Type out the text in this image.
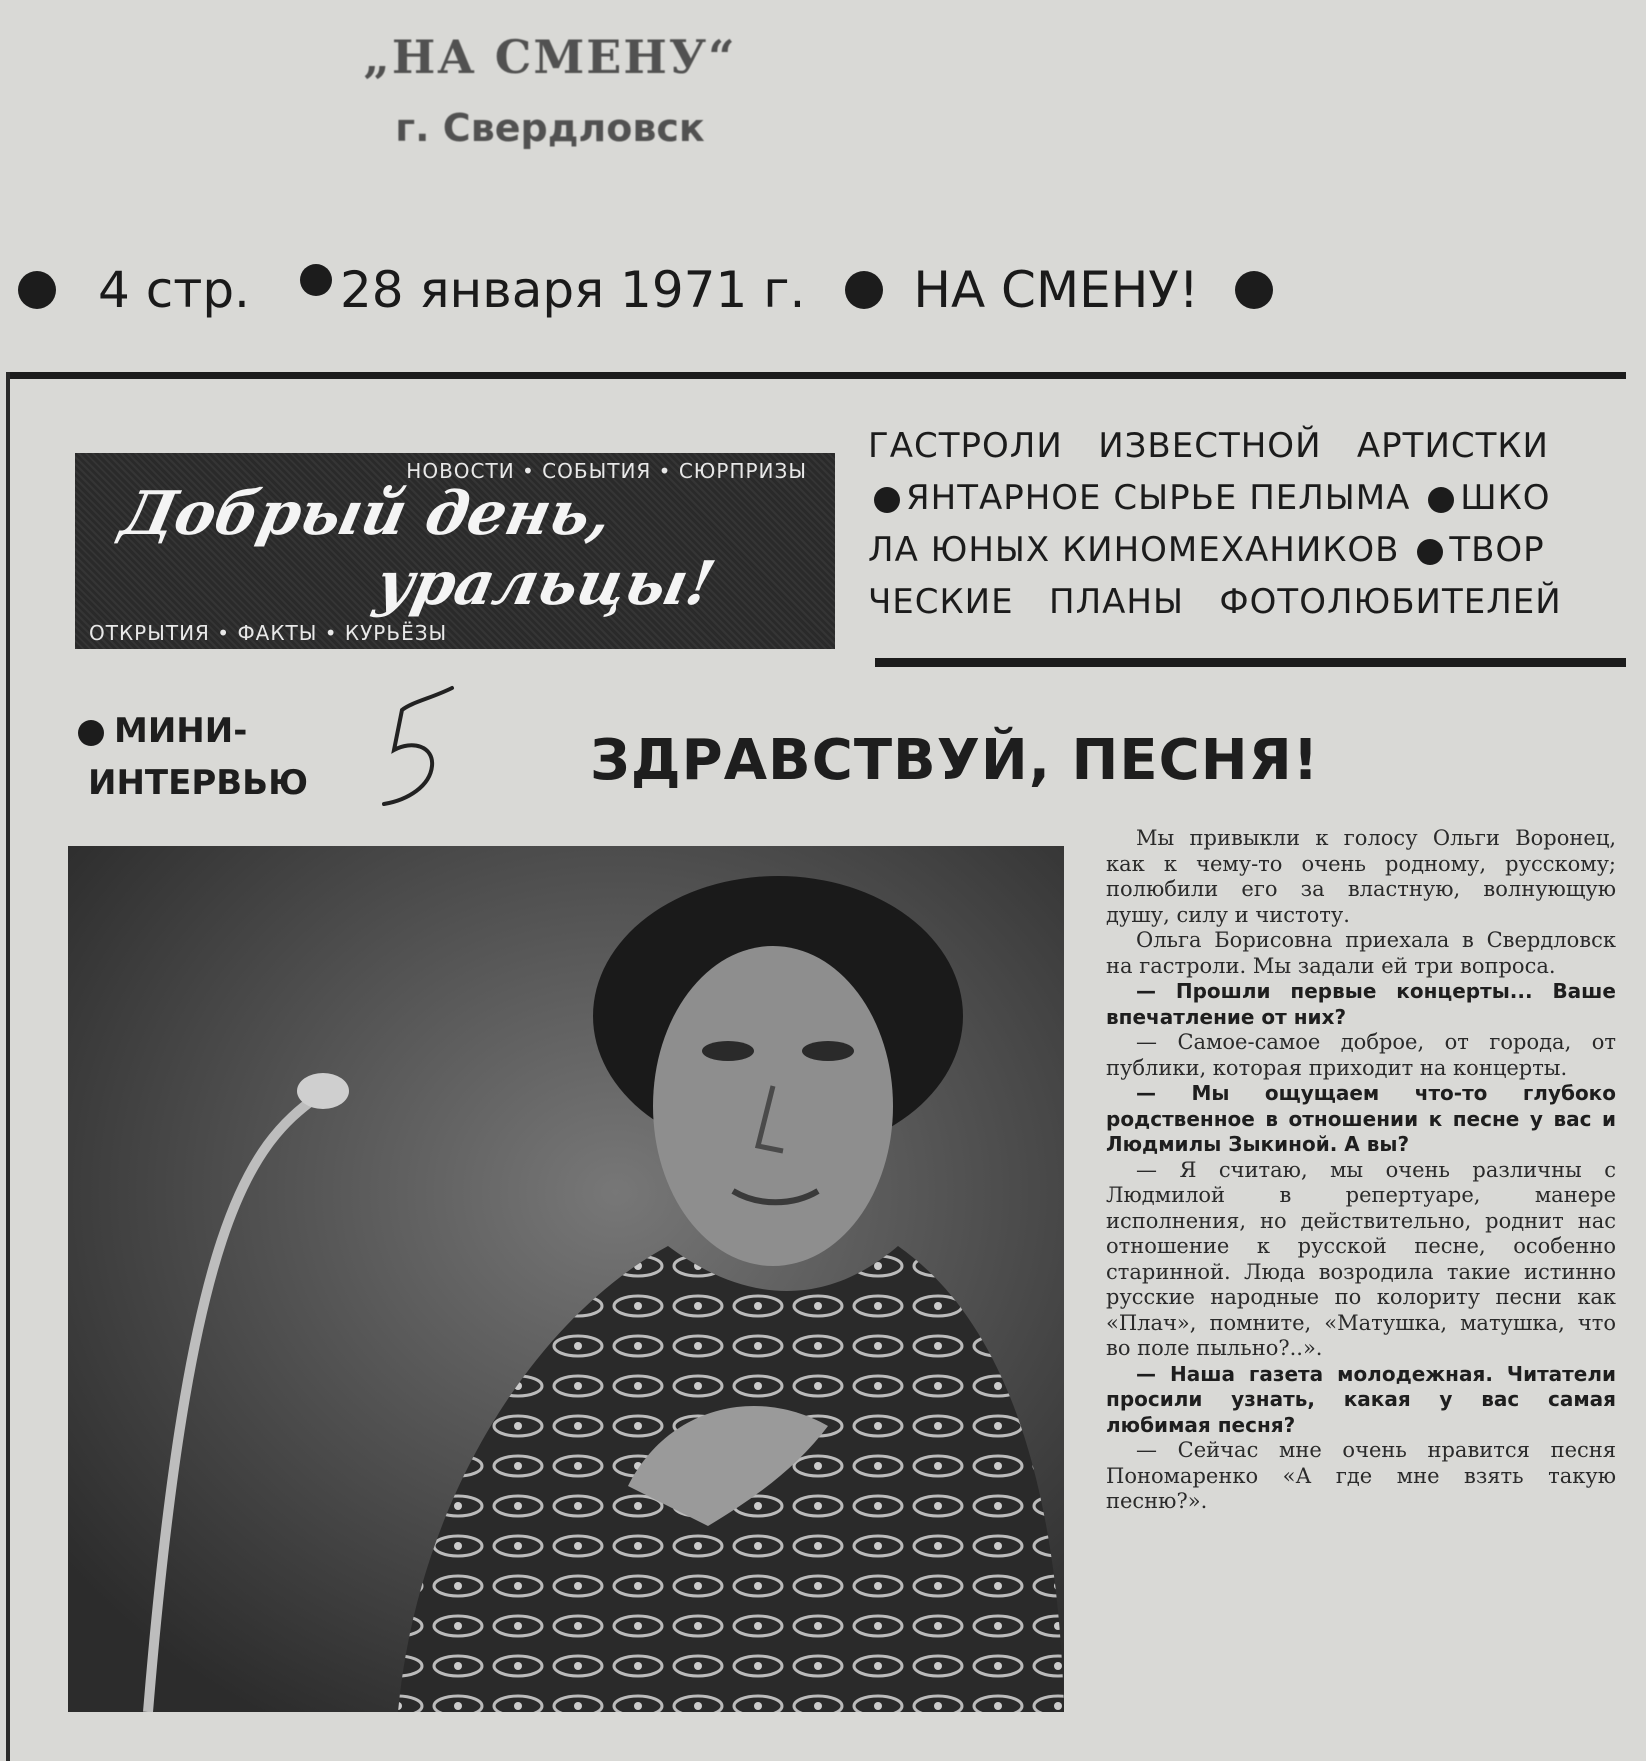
„НА СМЕНУ“
г. Свердловск
4 стр. 28 января 1971 г. НА СМЕНУ!
НОВОСТИ • СОБЫТИЯ • СЮРПРИЗЫ
Добрый день,
уральцы!
ОТКРЫТИЯ • ФАКТЫ • КУРЬЁЗЫ
ГАСТРОЛИ   ИЗВЕСТНОЙ   АРТИСТКИ
ЯНТАРНОЕ СЫРЬЕ ПЕЛЫМА ШКО
ЛА ЮНЫХ КИНОМЕХАНИКОВ ТВОР
ЧЕСКИЕ   ПЛАНЫ   ФОТОЛЮБИТЕЛЕЙ
МИНИ-
ИНТЕРВЬЮ	ЗДРАВСТВУЙ, ПЕСНЯ!

Мы привыкли к голосу Ольги Воронец, как к чему-то очень родному, русскому; полюбили его за властную, волнующую душу, силу и чистоту.

Ольга Борисовна приехала в Свердловск на гастроли. Мы задали ей три вопроса.

— Прошли первые концерты... Ваше впечатление от них?

— Самое-самое доброе, от города, от публики, которая приходит на концерты.

— Мы ощущаем что-то глубоко родственное в отношении к песне у вас и Людмилы Зыкиной. А вы?

— Я считаю, мы очень различны с Людмилой в репертуаре, манере исполнения, но действительно, роднит нас отношение к русской песне, особенно старинной. Люда возродила такие истинно русские народные по колориту песни как «Плач», помните, «Матушка, матушка, что во поле пыльно?..».

— Наша газета молодежная. Читатели просили узнать, какая у вас самая любимая песня?

— Сейчас мне очень нравится песня Пономаренко «А где мне взять такую песню?».
